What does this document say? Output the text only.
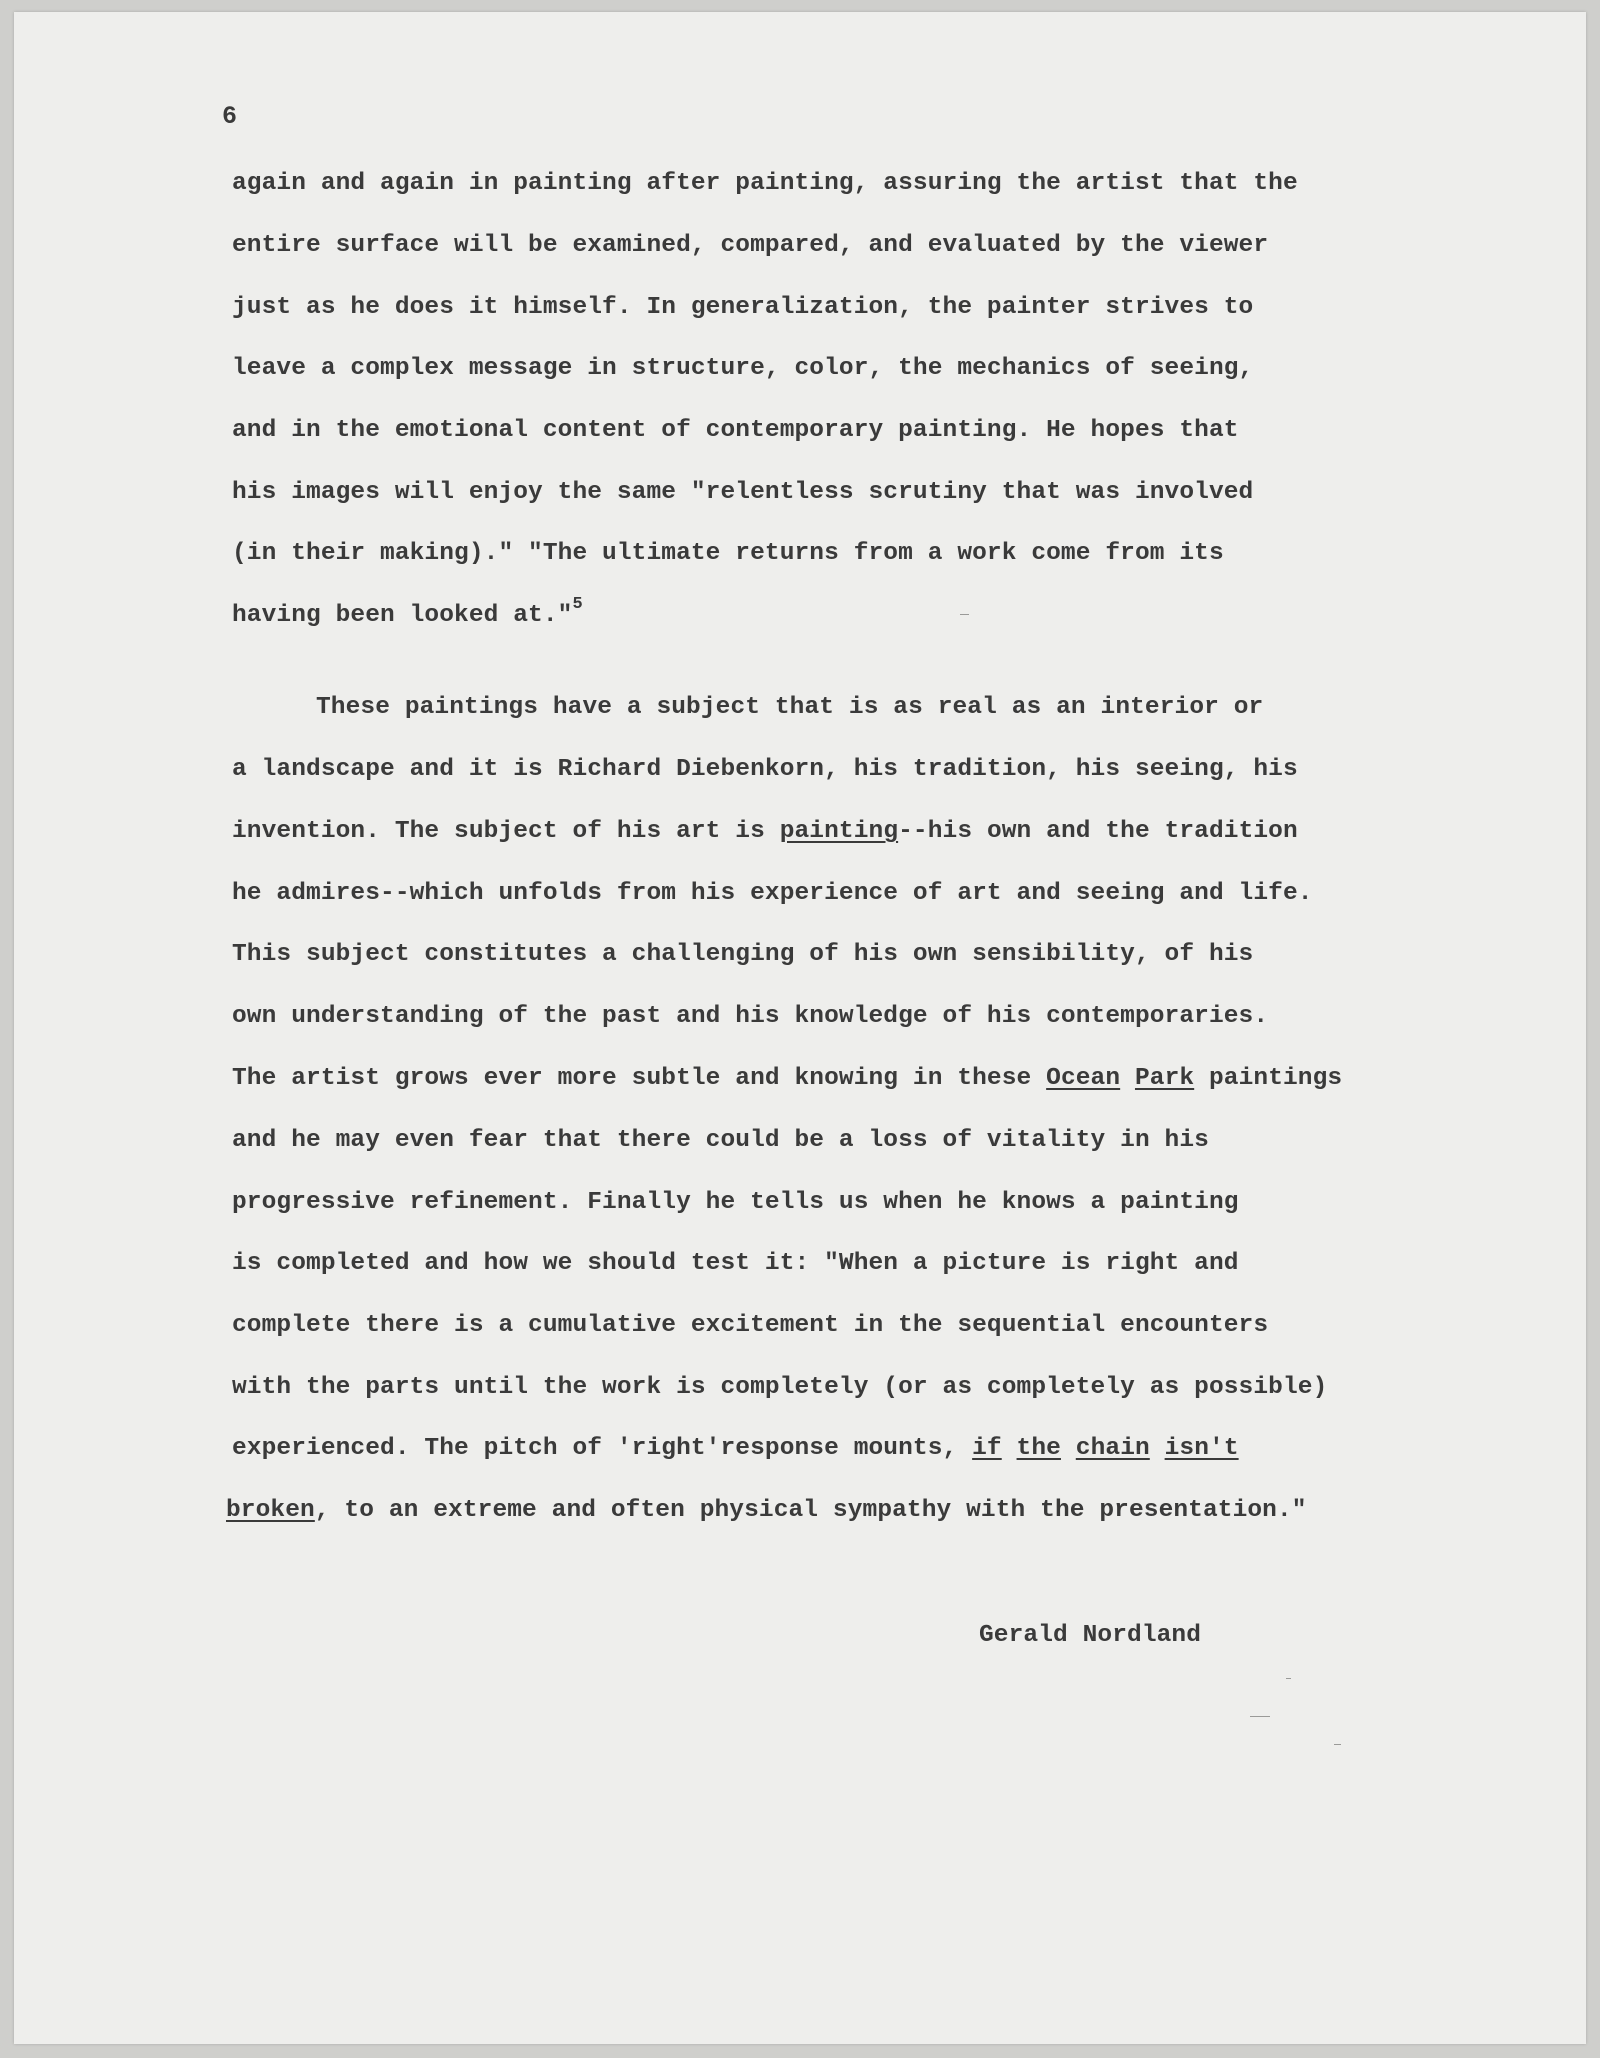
6

again and again in painting after painting, assuring the artist that the

entire surface will be examined, compared, and evaluated by the viewer

just as he does it himself. In generalization, the painter strives to

leave a complex message in structure, color, the mechanics of seeing,

and in the emotional content of contemporary painting. He hopes that

his images will enjoy the same "relentless scrutiny that was involved

(in their making)." "The ultimate returns from a work come from its

having been looked at."$^5$

These paintings have a subject that is as real as an interior or

a landscape and it is Richard Diebenkorn, his tradition, his seeing, his

invention. The subject of his art is painting--his own and the tradition

he admires--which unfolds from his experience of art and seeing and life.

This subject constitutes a challenging of his own sensibility, of his

own understanding of the past and his knowledge of his contemporaries.

The artist grows ever more subtle and knowing in these Ocean Park paintings

and he may even fear that there could be a loss of vitality in his

progressive refinement. Finally he tells us when he knows a painting

is completed and how we should test it: "When a picture is right and

complete there is a cumulative excitement in the sequential encounters

with the parts until the work is completely (or as completely as possible)

experienced. The pitch of 'right'response mounts, if the chain isn't

broken, to an extreme and often physical sympathy with the presentation."

Gerald Nordland
